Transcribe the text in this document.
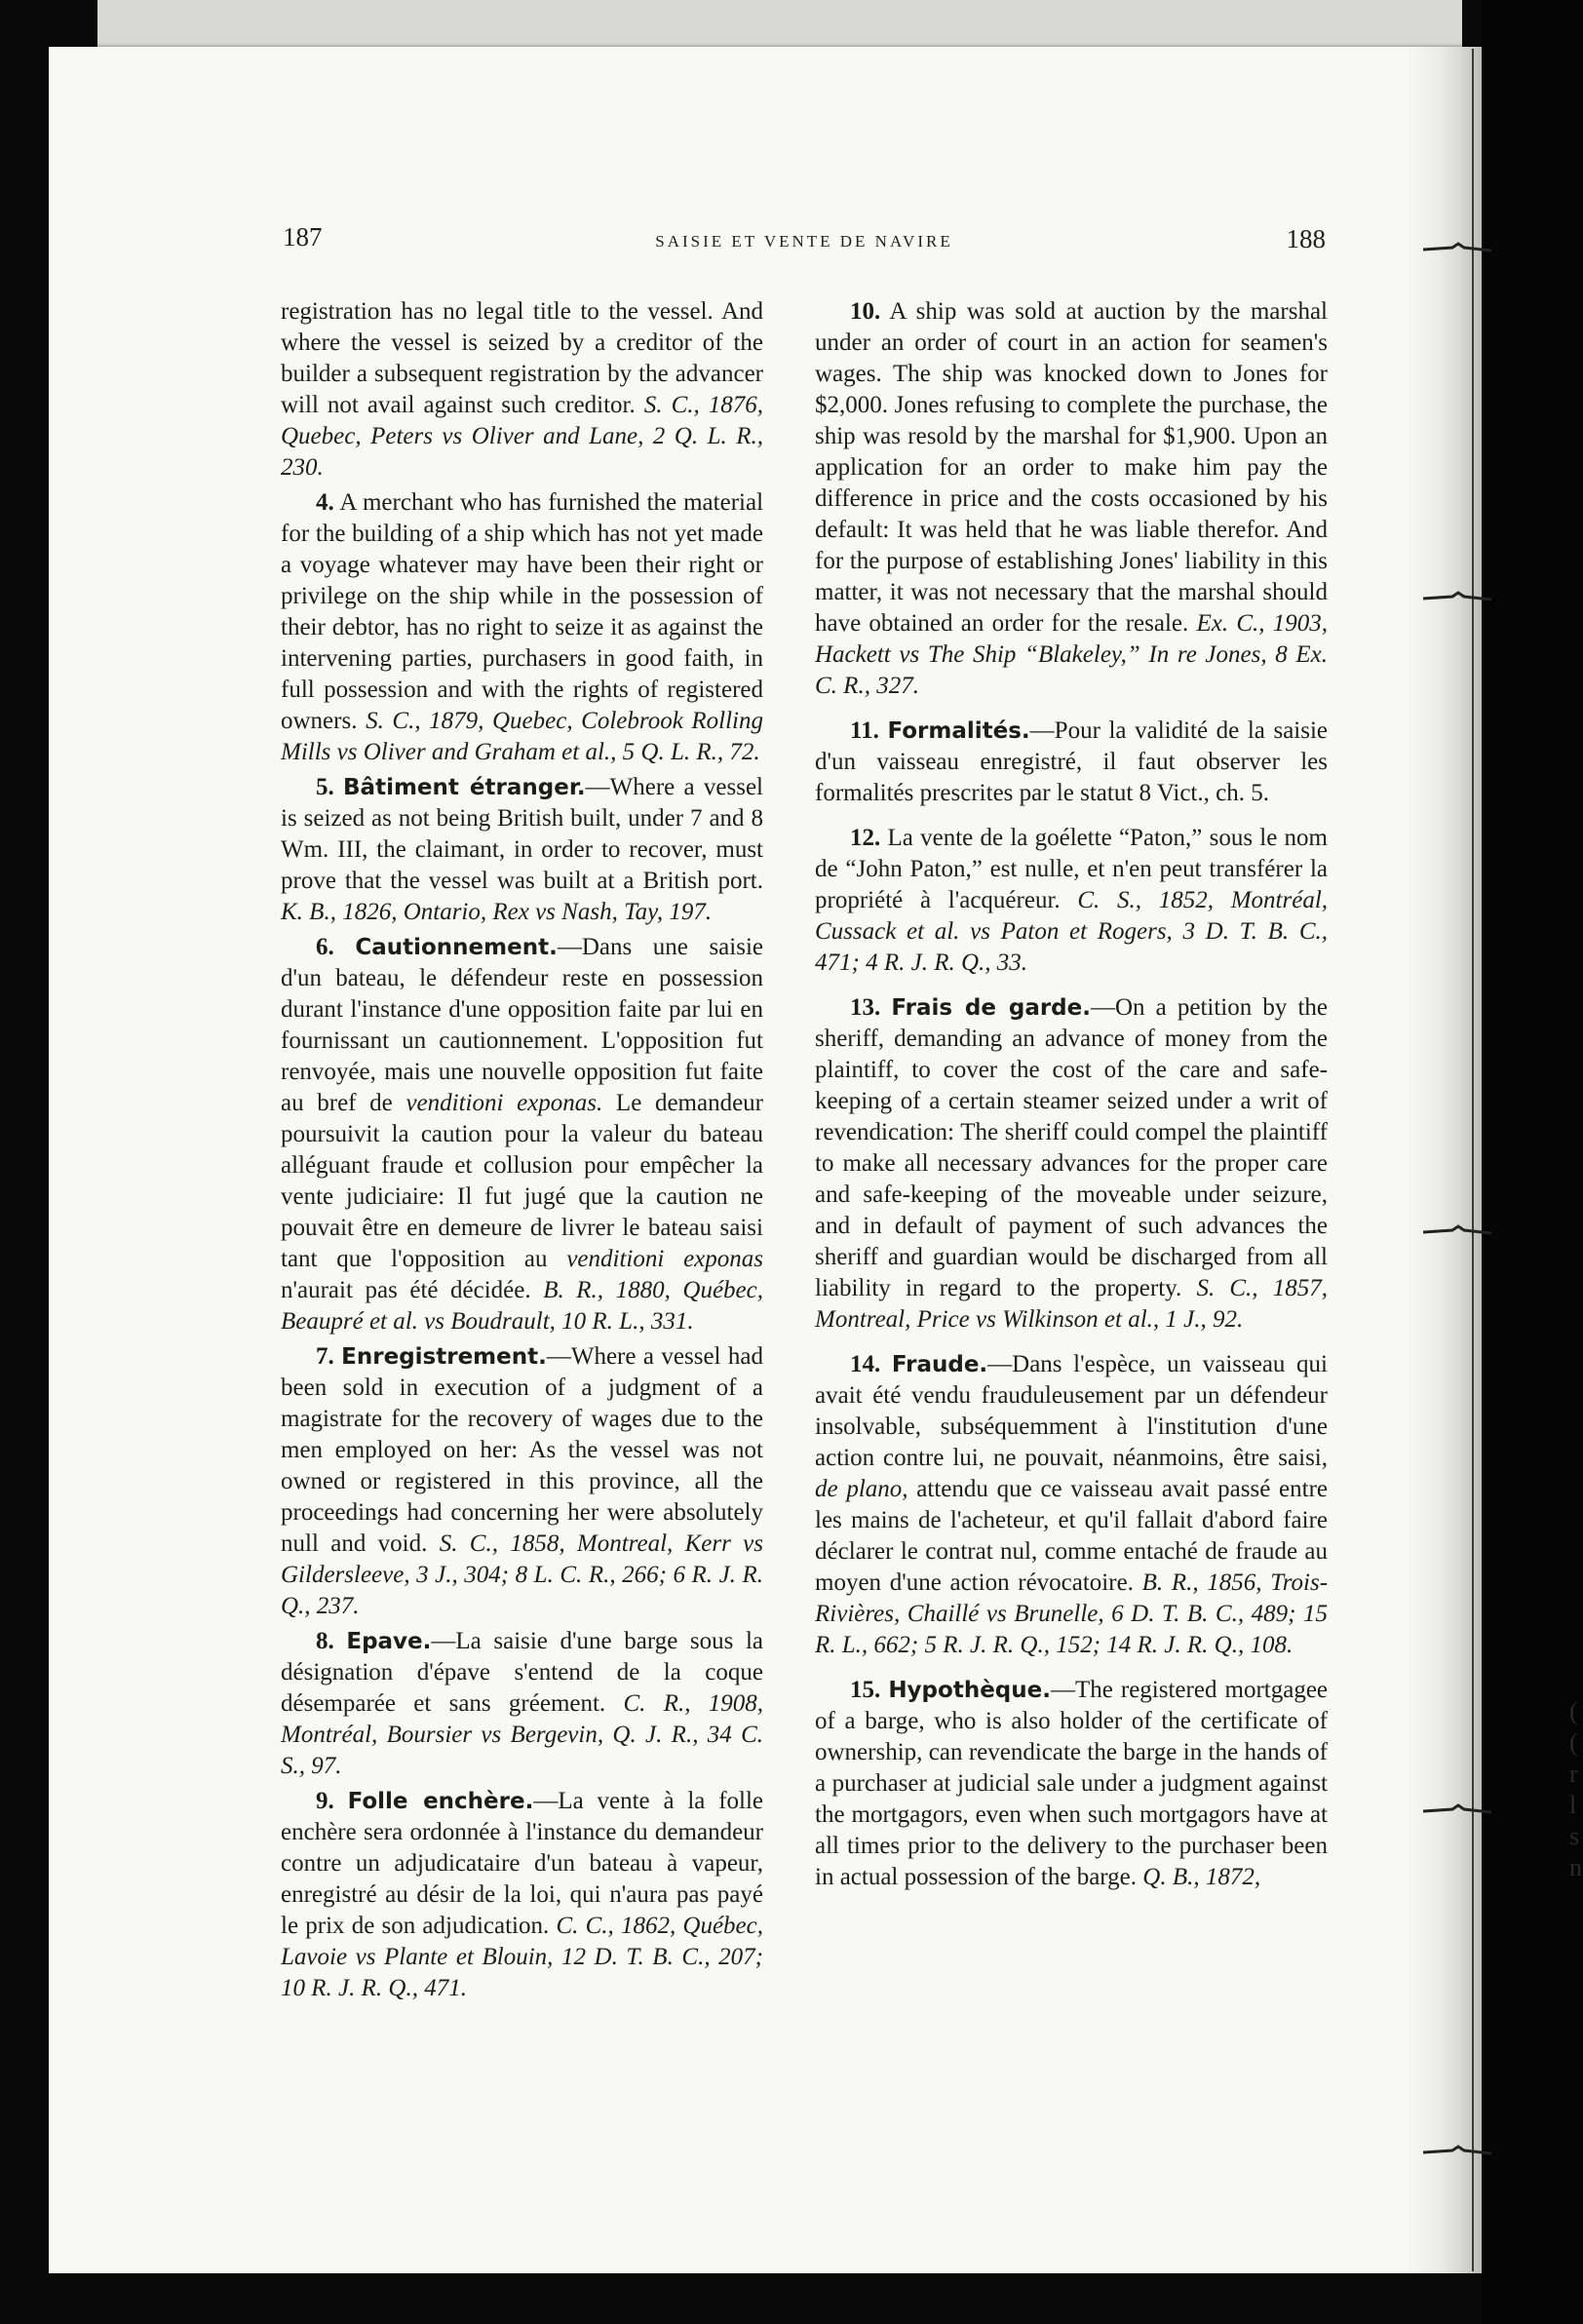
(
(
r
l
s
n
187	SAISIE ET VENTE DE NAVIRE	188

registration has no legal title to the vessel. And where the vessel is seized by a creditor of the builder a subsequent registration by the advancer will not avail against such creditor. S. C., 1876, Quebec, Peters vs Oliver and Lane, 2 Q. L. R., 230.

4. A merchant who has furnished the material for the building of a ship which has not yet made a voyage whatever may have been their right or privilege on the ship while in the possession of their debtor, has no right to seize it as against the intervening parties, purchasers in good faith, in full possession and with the rights of registered owners. S. C., 1879, Quebec, Colebrook Rolling Mills vs Oliver and Graham et al., 5 Q. L. R., 72.

5. Bâtiment étranger.—Where a vessel is seized as not being British built, under 7 and 8 Wm. III, the claimant, in order to recover, must prove that the vessel was built at a British port. K. B., 1826, Ontario, Rex vs Nash, Tay, 197.

6. Cautionnement.—Dans une saisie d'un bateau, le défendeur reste en possession durant l'instance d'une opposition faite par lui en fournissant un cautionnement. L'opposition fut renvoyée, mais une nouvelle opposition fut faite au bref de venditioni exponas. Le demandeur poursuivit la caution pour la valeur du bateau alléguant fraude et collusion pour empêcher la vente judiciaire: Il fut jugé que la caution ne pouvait être en demeure de livrer le bateau saisi tant que l'opposition au venditioni exponas n'aurait pas été décidée. B. R., 1880, Québec, Beaupré et al. vs Boudrault, 10 R. L., 331.

7. Enregistrement.—Where a vessel had been sold in execution of a judgment of a magistrate for the recovery of wages due to the men employed on her: As the vessel was not owned or registered in this province, all the proceedings had concerning her were absolutely null and void. S. C., 1858, Montreal, Kerr vs Gildersleeve, 3 J., 304; 8 L. C. R., 266; 6 R. J. R. Q., 237.

8. Epave.—La saisie d'une barge sous la désignation d'épave s'entend de la coque désemparée et sans gréement. C. R., 1908, Montréal, Boursier vs Bergevin, Q. J. R., 34 C. S., 97.

9. Folle enchère.—La vente à la folle enchère sera ordonnée à l'instance du demandeur contre un adjudicataire d'un bateau à vapeur, enregistré au désir de la loi, qui n'aura pas payé le prix de son adjudication. C. C., 1862, Québec, Lavoie vs Plante et Blouin, 12 D. T. B. C., 207; 10 R. J. R. Q., 471.

10. A ship was sold at auction by the marshal under an order of court in an action for seamen's wages. The ship was knocked down to Jones for $2,000. Jones refusing to complete the purchase, the ship was resold by the marshal for $1,900. Upon an application for an order to make him pay the difference in price and the costs occasioned by his default: It was held that he was liable therefor. And for the purpose of establishing Jones' liability in this matter, it was not necessary that the marshal should have obtained an order for the resale. Ex. C., 1903, Hackett vs The Ship “Blakeley,” In re Jones, 8 Ex. C. R., 327.

11. Formalités.—Pour la validité de la saisie d'un vaisseau enregistré, il faut observer les formalités prescrites par le statut 8 Vict., ch. 5.

12. La vente de la goélette “Paton,” sous le nom de “John Paton,” est nulle, et n'en peut transférer la propriété à l'acquéreur. C. S., 1852, Montréal, Cussack et al. vs Paton et Rogers, 3 D. T. B. C., 471; 4 R. J. R. Q., 33.

13. Frais de garde.—On a petition by the sheriff, demanding an advance of money from the plaintiff, to cover the cost of the care and safe-keeping of a certain steamer seized under a writ of revendication: The sheriff could compel the plaintiff to make all necessary advances for the proper care and safe-keeping of the moveable under seizure, and in default of payment of such advances the sheriff and guardian would be discharged from all liability in regard to the property. S. C., 1857, Montreal, Price vs Wilkinson et al., 1 J., 92.

14. Fraude.—Dans l'espèce, un vaisseau qui avait été vendu frauduleusement par un défendeur insolvable, subséquemment à l'institution d'une action contre lui, ne pouvait, néanmoins, être saisi, de plano, attendu que ce vaisseau avait passé entre les mains de l'acheteur, et qu'il fallait d'abord faire déclarer le contrat nul, comme entaché de fraude au moyen d'une action révocatoire. B. R., 1856, Trois-Rivières, Chaillé vs Brunelle, 6 D. T. B. C., 489; 15 R. L., 662; 5 R. J. R. Q., 152; 14 R. J. R. Q., 108.

15. Hypothèque.—The registered mortgagee of a barge, who is also holder of the certificate of ownership, can revendicate the barge in the hands of a purchaser at judicial sale under a judgment against the mortgagors, even when such mortgagors have at all times prior to the delivery to the purchaser been in actual possession of the barge. Q. B., 1872,
